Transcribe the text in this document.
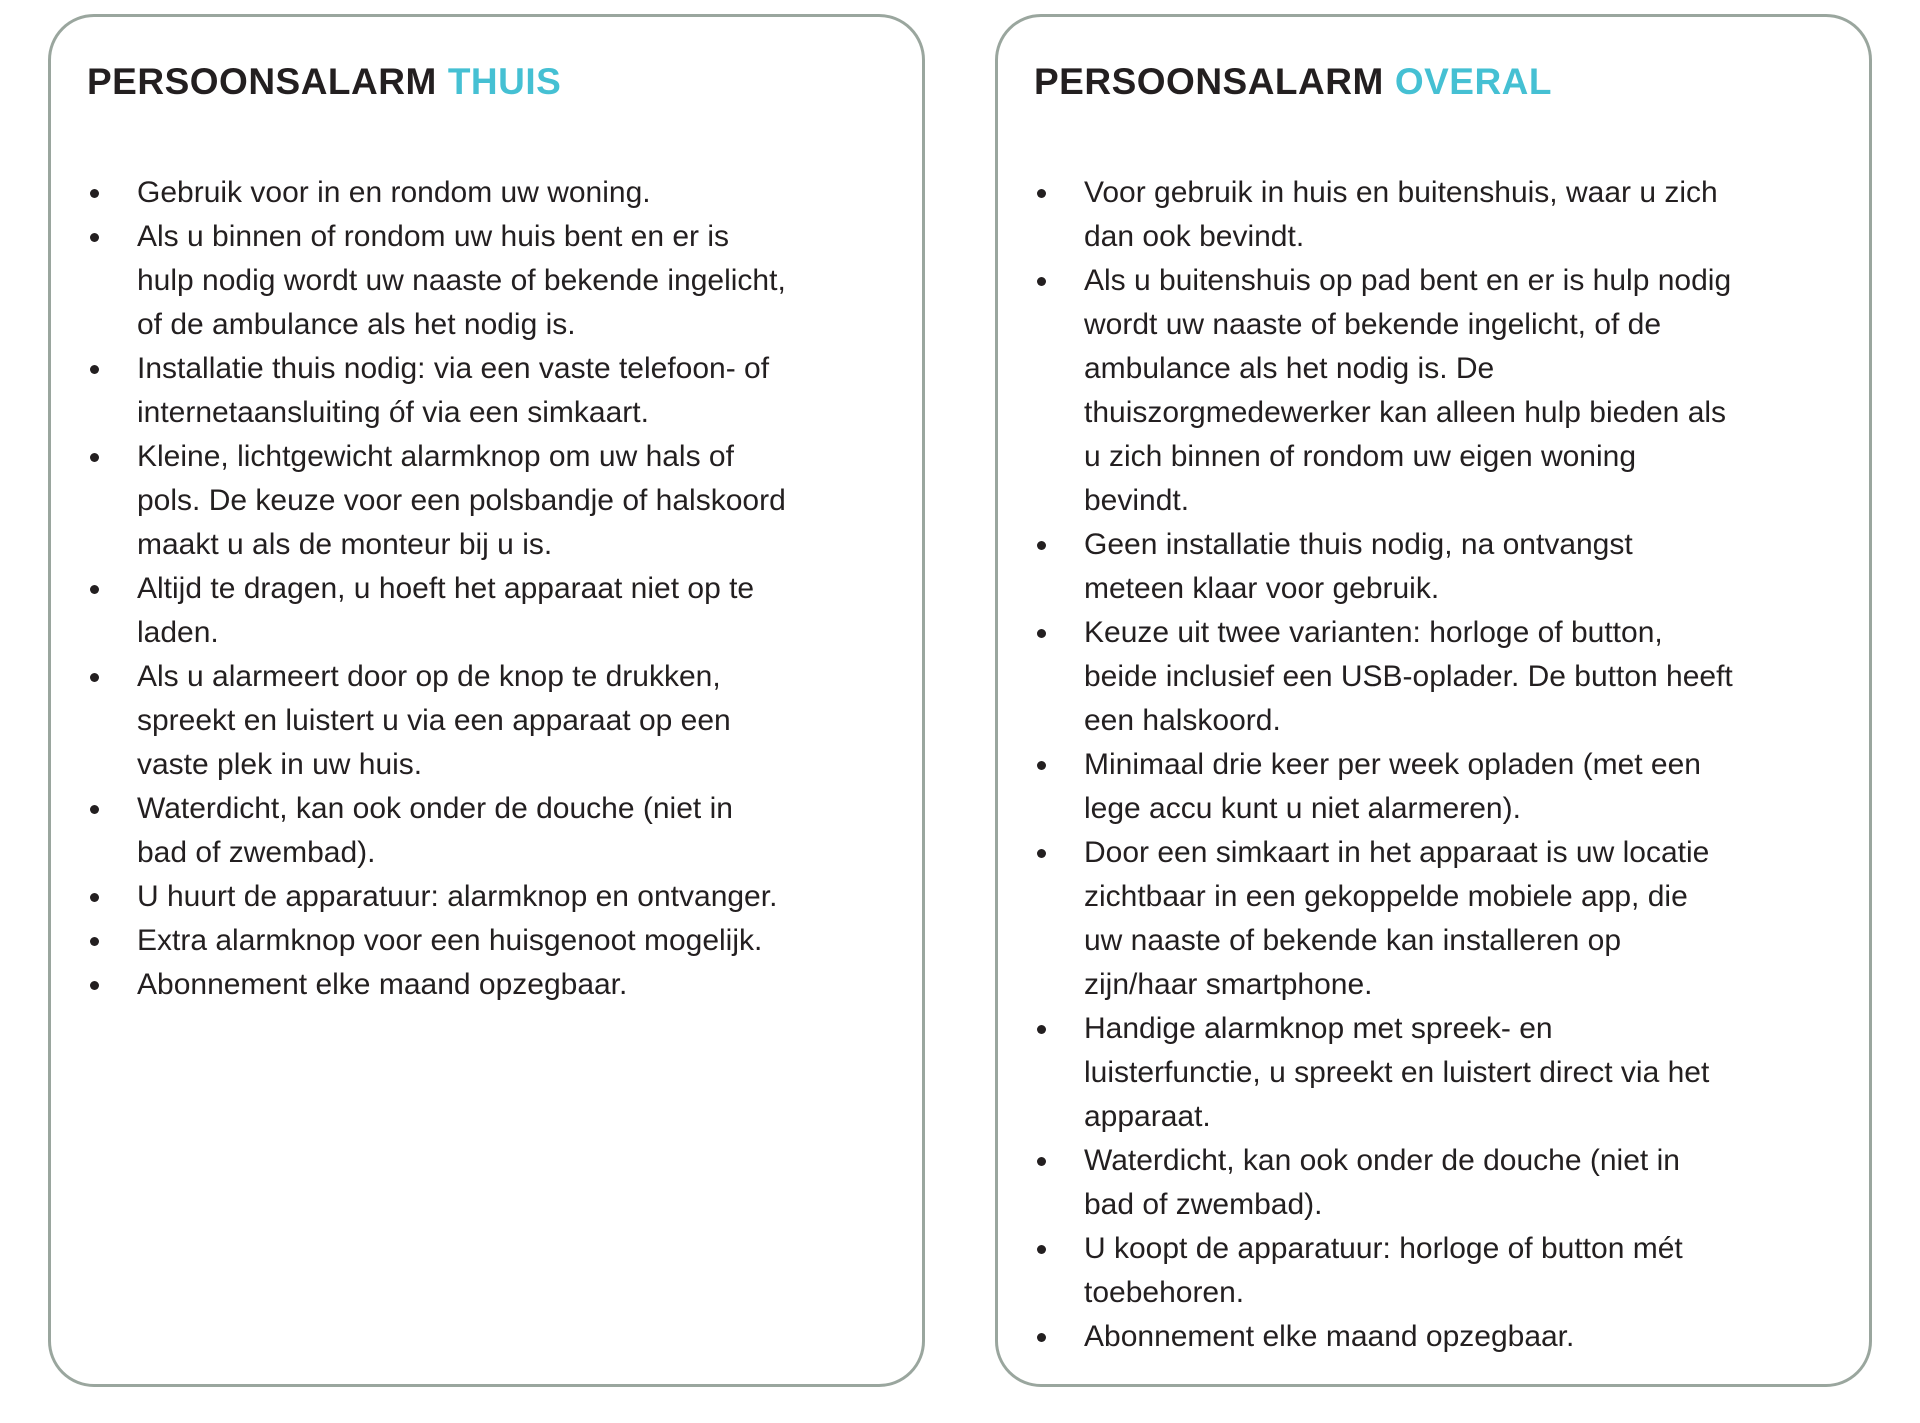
PERSOONSALARM THUIS
Gebruik voor in en rondom uw woning.
Als u binnen of rondom uw huis bent en er is hulp nodig wordt uw naaste of bekende ingelicht, of de ambulance als het nodig is.
Installatie thuis nodig: via een vaste telefoon- of internetaansluiting óf via een simkaart.
Kleine, lichtgewicht alarmknop om uw hals of pols. De keuze voor een polsbandje of halskoord maakt u als de monteur bij u is.
Altijd te dragen, u hoeft het apparaat niet op te laden.
Als u alarmeert door op de knop te drukken, spreekt en luistert u via een apparaat op een vaste plek in uw huis.
Waterdicht, kan ook onder de douche (niet in bad of zwembad).
U huurt de apparatuur: alarmknop en ontvanger.
Extra alarmknop voor een huisgenoot mogelijk.
Abonnement elke maand opzegbaar.
PERSOONSALARM OVERAL
Voor gebruik in huis en buitenshuis, waar u zich dan ook bevindt.
Als u buitenshuis op pad bent en er is hulp nodig wordt uw naaste of bekende ingelicht, of de ambulance als het nodig is. De thuiszorgmedewerker kan alleen hulp bieden als u zich binnen of rondom uw eigen woning bevindt.
Geen installatie thuis nodig, na ontvangst meteen klaar voor gebruik.
Keuze uit twee varianten: horloge of button, beide inclusief een USB-oplader. De button heeft een halskoord.
Minimaal drie keer per week opladen (met een lege accu kunt u niet alarmeren).
Door een simkaart in het apparaat is uw locatie zichtbaar in een gekoppelde mobiele app, die uw naaste of bekende kan installeren op zijn/haar smartphone.
Handige alarmknop met spreek- en luisterfunctie, u spreekt en luistert direct via het apparaat.
Waterdicht, kan ook onder de douche (niet in bad of zwembad).
U koopt de apparatuur: horloge of button mét toebehoren.
Abonnement elke maand opzegbaar.
